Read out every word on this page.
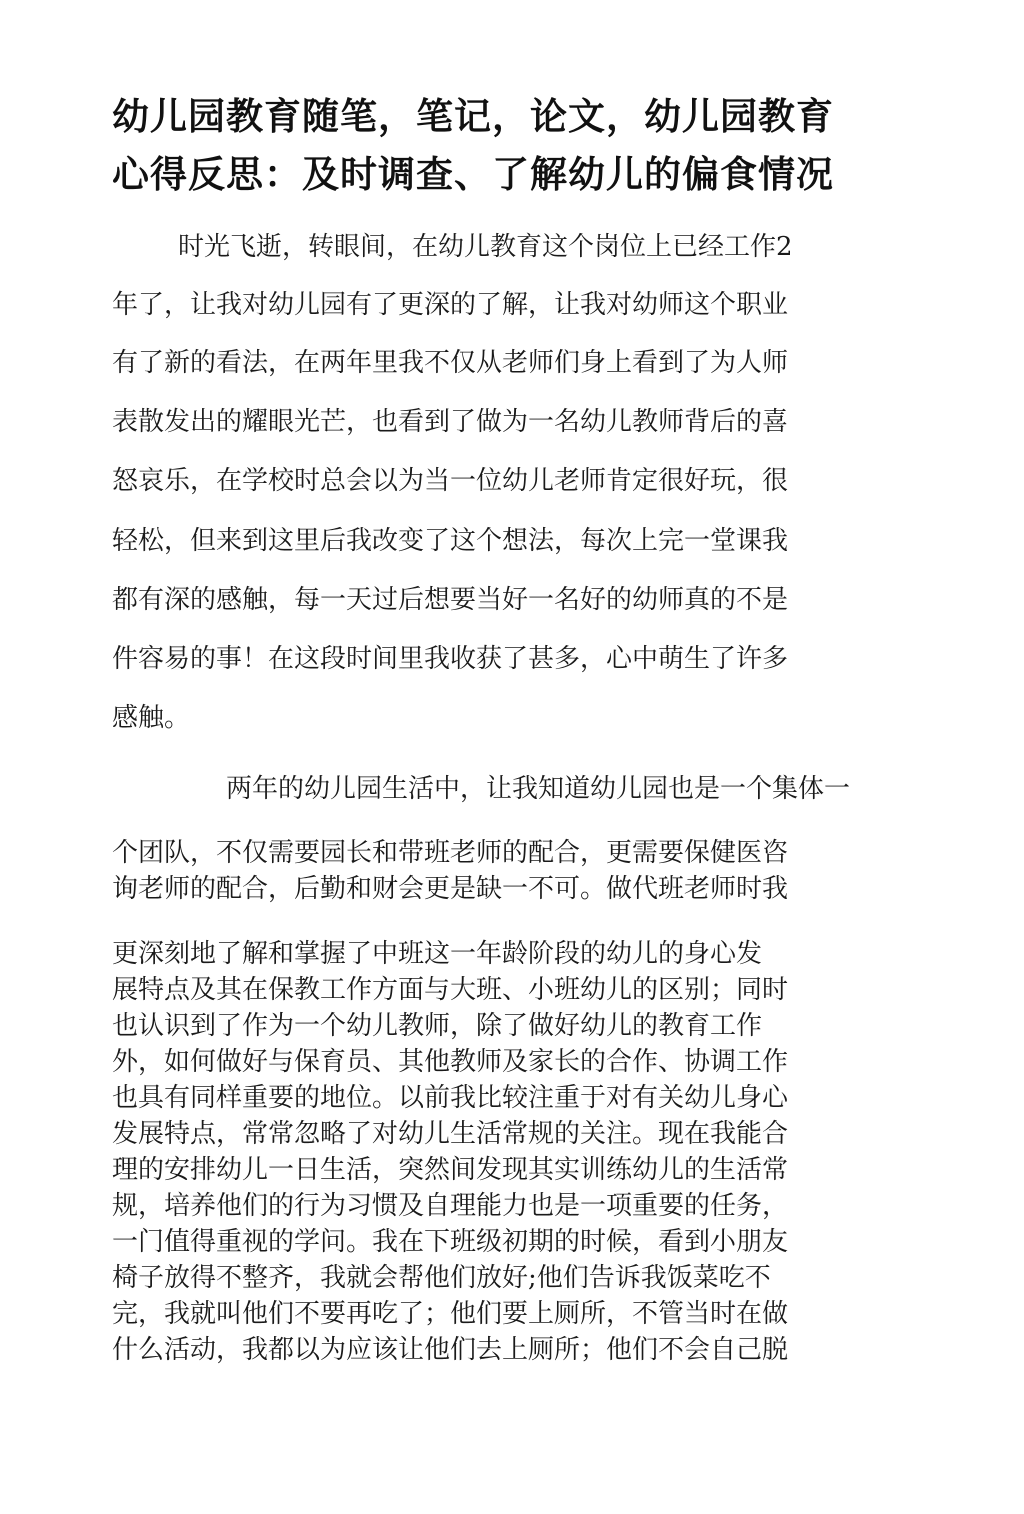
幼儿园教育随笔，笔记，论文，幼儿园教育
心得反思：及时调查、了解幼儿的偏食情况

时光飞逝，转眼间，在幼儿教育这个岗位上已经工作2

年了，让我对幼儿园有了更深的了解，让我对幼师这个职业

有了新的看法，在两年里我不仅从老师们身上看到了为人师

表散发出的耀眼光芒，也看到了做为一名幼儿教师背后的喜

怒哀乐，在学校时总会以为当一位幼儿老师肯定很好玩，很

轻松，但来到这里后我改变了这个想法，每次上完一堂课我

都有深的感触，每一天过后想要当好一名好的幼师真的不是

件容易的事！在这段时间里我收获了甚多，心中萌生了许多

感触。

两年的幼儿园生活中，让我知道幼儿园也是一个集体一

个团队，不仅需要园长和带班老师的配合，更需要保健医咨

询老师的配合，后勤和财会更是缺一不可。做代班老师时我

更深刻地了解和掌握了中班这一年龄阶段的幼儿的身心发

展特点及其在保教工作方面与大班、小班幼儿的区别；同时

也认识到了作为一个幼儿教师，除了做好幼儿的教育工作

外，如何做好与保育员、其他教师及家长的合作、协调工作

也具有同样重要的地位。以前我比较注重于对有关幼儿身心

发展特点，常常忽略了对幼儿生活常规的关注。现在我能合

理的安排幼儿一日生活，突然间发现其实训练幼儿的生活常

规，培养他们的行为习惯及自理能力也是一项重要的任务，

一门值得重视的学问。我在下班级初期的时候，看到小朋友

椅子放得不整齐，我就会帮他们放好;他们告诉我饭菜吃不

完，我就叫他们不要再吃了；他们要上厕所，不管当时在做

什么活动，我都以为应该让他们去上厕所；他们不会自己脱
